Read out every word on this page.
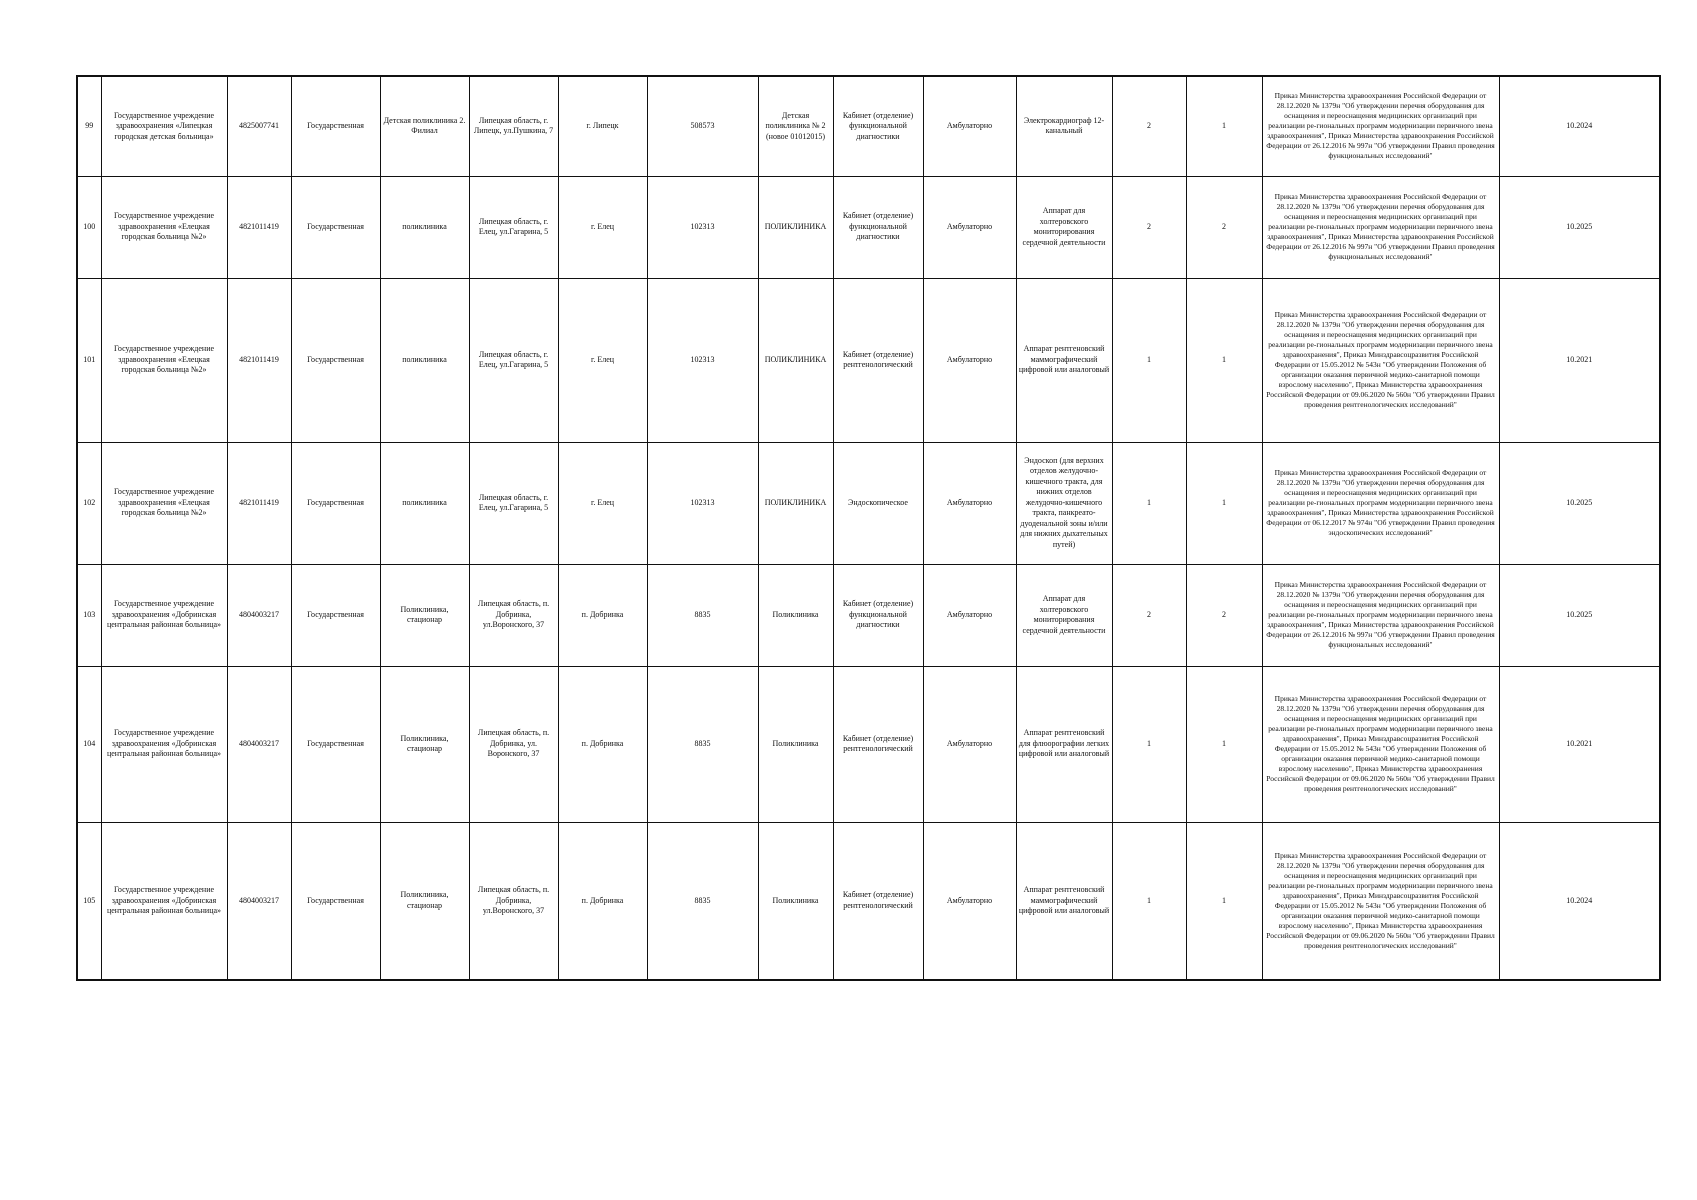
99	Государственное учреждение здравоохранения «Липецкая городская детская больница»	4825007741	Государственная	Детская поликлиника 2. Филиал	Липецкая область, г. Липецк, ул.Пушкина, 7	г. Липецк	508573	Детская поликлиника № 2 (новое 01012015)	Кабинет (отделение) функциональной диагностики	Амбулаторно	Электрокардиограф 12-канальный	2	1	Приказ Министерства здравоохранения Российской Федерации от 28.12.2020 № 1379н "Об утверждении перечня оборудования для оснащения и переоснащения медицинских организаций при реализации ре-гиональных программ модернизации первичного звена здравоохранения", Приказ Министерства здравоохранения Российской Федерации от 26.12.2016 № 997н "Об утверждении Правил проведения функциональных исследований"	10.2024
100	Государственное учреждение здравоохранения «Елецкая городская больница №2»	4821011419	Государственная	поликлиника	Липецкая область, г. Елец, ул.Гагарина, 5	г. Елец	102313	ПОЛИКЛИНИКА	Кабинет (отделение) функциональной диагностики	Амбулаторно	Аппарат для холтеровского мониторирования сердечной деятельности	2	2	Приказ Министерства здравоохранения Российской Федерации от 28.12.2020 № 1379н "Об утверждении перечня оборудования для оснащения и переоснащения медицинских организаций при реализации ре-гиональных программ модернизации первичного звена здравоохранения", Приказ Министерства здравоохранения Российской Федерации от 26.12.2016 № 997н "Об утверждении Правил проведения функциональных исследований"	10.2025
101	Государственное учреждение здравоохранения «Елецкая городская больница №2»	4821011419	Государственная	поликлиника	Липецкая область, г. Елец, ул.Гагарина, 5	г. Елец	102313	ПОЛИКЛИНИКА	Кабинет (отделение) рентгенологический	Амбулаторно	Аппарат рентгеновский маммографический цифровой или аналоговый	1	1	Приказ Министерства здравоохранения Российской Федерации от 28.12.2020 № 1379н "Об утверждении перечня оборудования для оснащения и переоснащения медицинских организаций при реализации ре-гиональных программ модернизации первичного звена здравоохранения", Приказ Минздравсоцразвития Российской Федерации от 15.05.2012 № 543н "Об утверждении Положения об организации оказания первичной медико-санитарной помощи взрослому населению", Приказ Министерства здравоохранения Российской Федерации от 09.06.2020 № 560н "Об утверждении Правил проведения рентгенологических исследований"	10.2021
102	Государственное учреждение здравоохранения «Елецкая городская больница №2»	4821011419	Государственная	поликлиника	Липецкая область, г. Елец, ул.Гагарина, 5	г. Елец	102313	ПОЛИКЛИНИКА	Эндоскопическое	Амбулаторно	Эндоскоп (для верхних отделов желудочно-кишечного тракта, для нижних отделов желудочно-кишечного тракта, панкреато-дуоденальной зоны и/или для нижних дыхательных путей)	1	1	Приказ Министерства здравоохранения Российской Федерации от 28.12.2020 № 1379н "Об утверждении перечня оборудования для оснащения и переоснащения медицинских организаций при реализации ре-гиональных программ модернизации первичного звена здравоохранения", Приказ Министерства здравоохранения Российской Федерации от 06.12.2017 № 974н "Об утверждении Правил проведения эндоскопических исследований"	10.2025
103	Государственное учреждение здравоохранения «Добринская центральная районная больница»	4804003217	Государственная	Поликлиника, стационар	Липецкая область, п. Добринка, ул.Воронского, 37	п. Добринка	8835	Поликлиника	Кабинет (отделение) функциональной диагностики	Амбулаторно	Аппарат для холтеровского мониторирования сердечной деятельности	2	2	Приказ Министерства здравоохранения Российской Федерации от 28.12.2020 № 1379н "Об утверждении перечня оборудования для оснащения и переоснащения медицинских организаций при реализации ре-гиональных программ модернизации первичного звена здравоохранения", Приказ Министерства здравоохранения Российской Федерации от 26.12.2016 № 997н "Об утверждении Правил проведения функциональных исследований"	10.2025
104	Государственное учреждение здравоохранения «Добринская центральная районная больница»	4804003217	Государственная	Поликлиника, стационар	Липецкая область, п. Добринка, ул. Воронского, 37	п. Добринка	8835	Поликлиника	Кабинет (отделение) рентгенологический	Амбулаторно	Аппарат рентгеновский для флюорографии легких цифровой или аналоговый	1	1	Приказ Министерства здравоохранения Российской Федерации от 28.12.2020 № 1379н "Об утверждении перечня оборудования для оснащения и переоснащения медицинских организаций при реализации ре-гиональных программ модернизации первичного звена здравоохранения", Приказ Минздравсоцразвития Российской Федерации от 15.05.2012 № 543н "Об утверждении Положения об организации оказания первичной медико-санитарной помощи взрослому населению", Приказ Министерства здравоохранения Российской Федерации от 09.06.2020 № 560н "Об утверждении Правил проведения рентгенологических исследований"	10.2021
105	Государственное учреждение здравоохранения «Добринская центральная районная больница»	4804003217	Государственная	Поликлиника, стационар	Липецкая область, п. Добринка, ул.Воронского, 37	п. Добринка	8835	Поликлиника	Кабинет (отделение) рентгенологический	Амбулаторно	Аппарат рентгеновский маммографический цифровой или аналоговый	1	1	Приказ Министерства здравоохранения Российской Федерации от 28.12.2020 № 1379н "Об утверждении перечня оборудования для оснащения и переоснащения медицинских организаций при реализации ре-гиональных программ модернизации первичного звена здравоохранения", Приказ Минздравсоцразвития Российской Федерации от 15.05.2012 № 543н "Об утверждении Положения об организации оказания первичной медико-санитарной помощи взрослому населению", Приказ Министерства здравоохранения Российской Федерации от 09.06.2020 № 560н "Об утверждении Правил проведения рентгенологических исследований"	10.2024
